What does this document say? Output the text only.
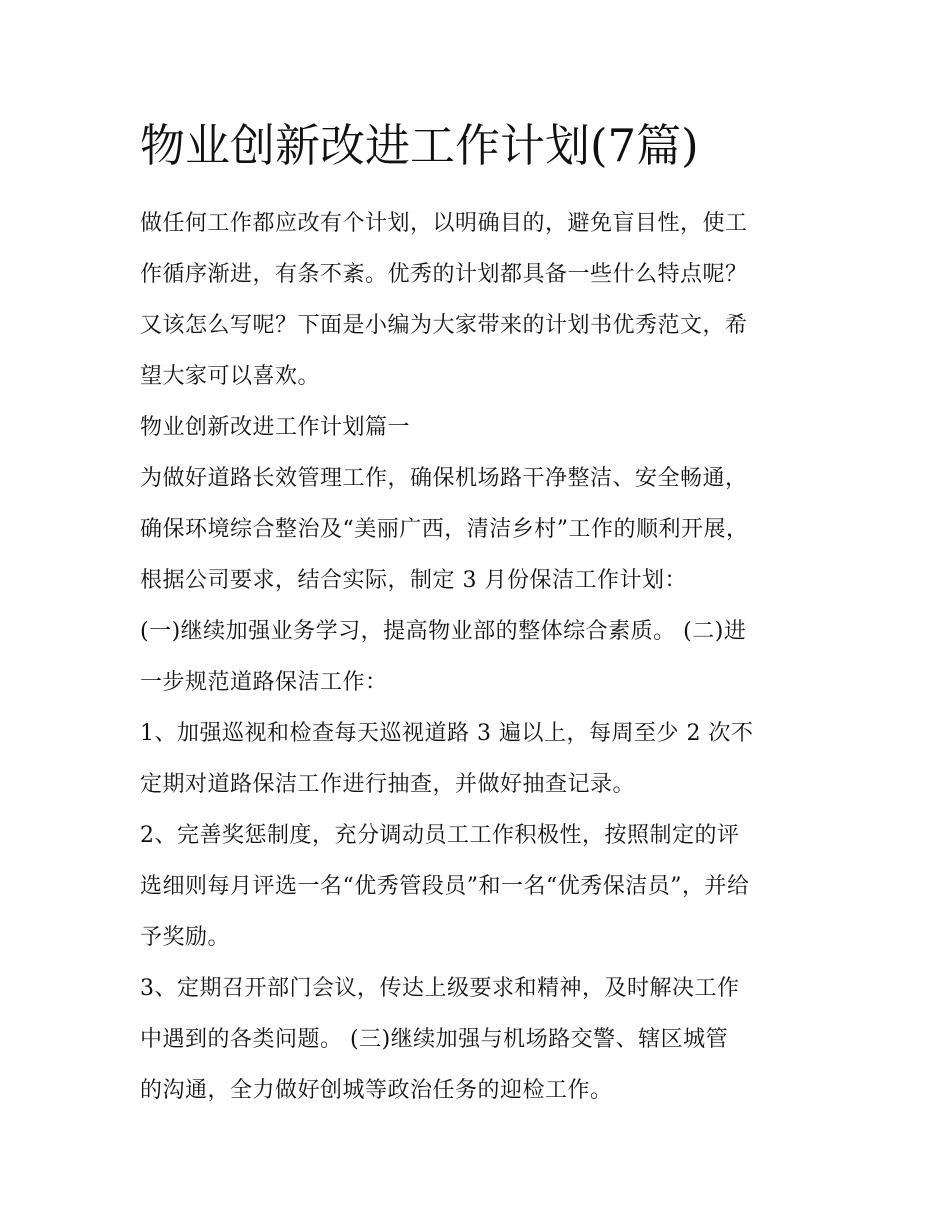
物业创新改进工作计划(7篇)

做任何工作都应改有个计划，以明确目的，避免盲目性，使工
作循序渐进，有条不紊。优秀的计划都具备一些什么特点呢？
又该怎么写呢？下面是小编为大家带来的计划书优秀范文，希
望大家可以喜欢。

物业创新改进工作计划篇一

为做好道路长效管理工作，确保机场路干净整洁、安全畅通，
确保环境综合整治及“美丽广西，清洁乡村”工作的顺利开展，
根据公司要求，结合实际，制定 3 月份保洁工作计划：

(一)继续加强业务学习，提高物业部的整体综合素质。 (二)进
一步规范道路保洁工作：

1、加强巡视和检查每天巡视道路 3 遍以上，每周至少 2 次不
定期对道路保洁工作进行抽查，并做好抽查记录。

2、完善奖惩制度，充分调动员工工作积极性，按照制定的评
选细则每月评选一名“优秀管段员”和一名“优秀保洁员”，并给
予奖励。

3、定期召开部门会议，传达上级要求和精神，及时解决工作
中遇到的各类问题。 (三)继续加强与机场路交警、辖区城管
的沟通，全力做好创城等政治任务的迎检工作。
